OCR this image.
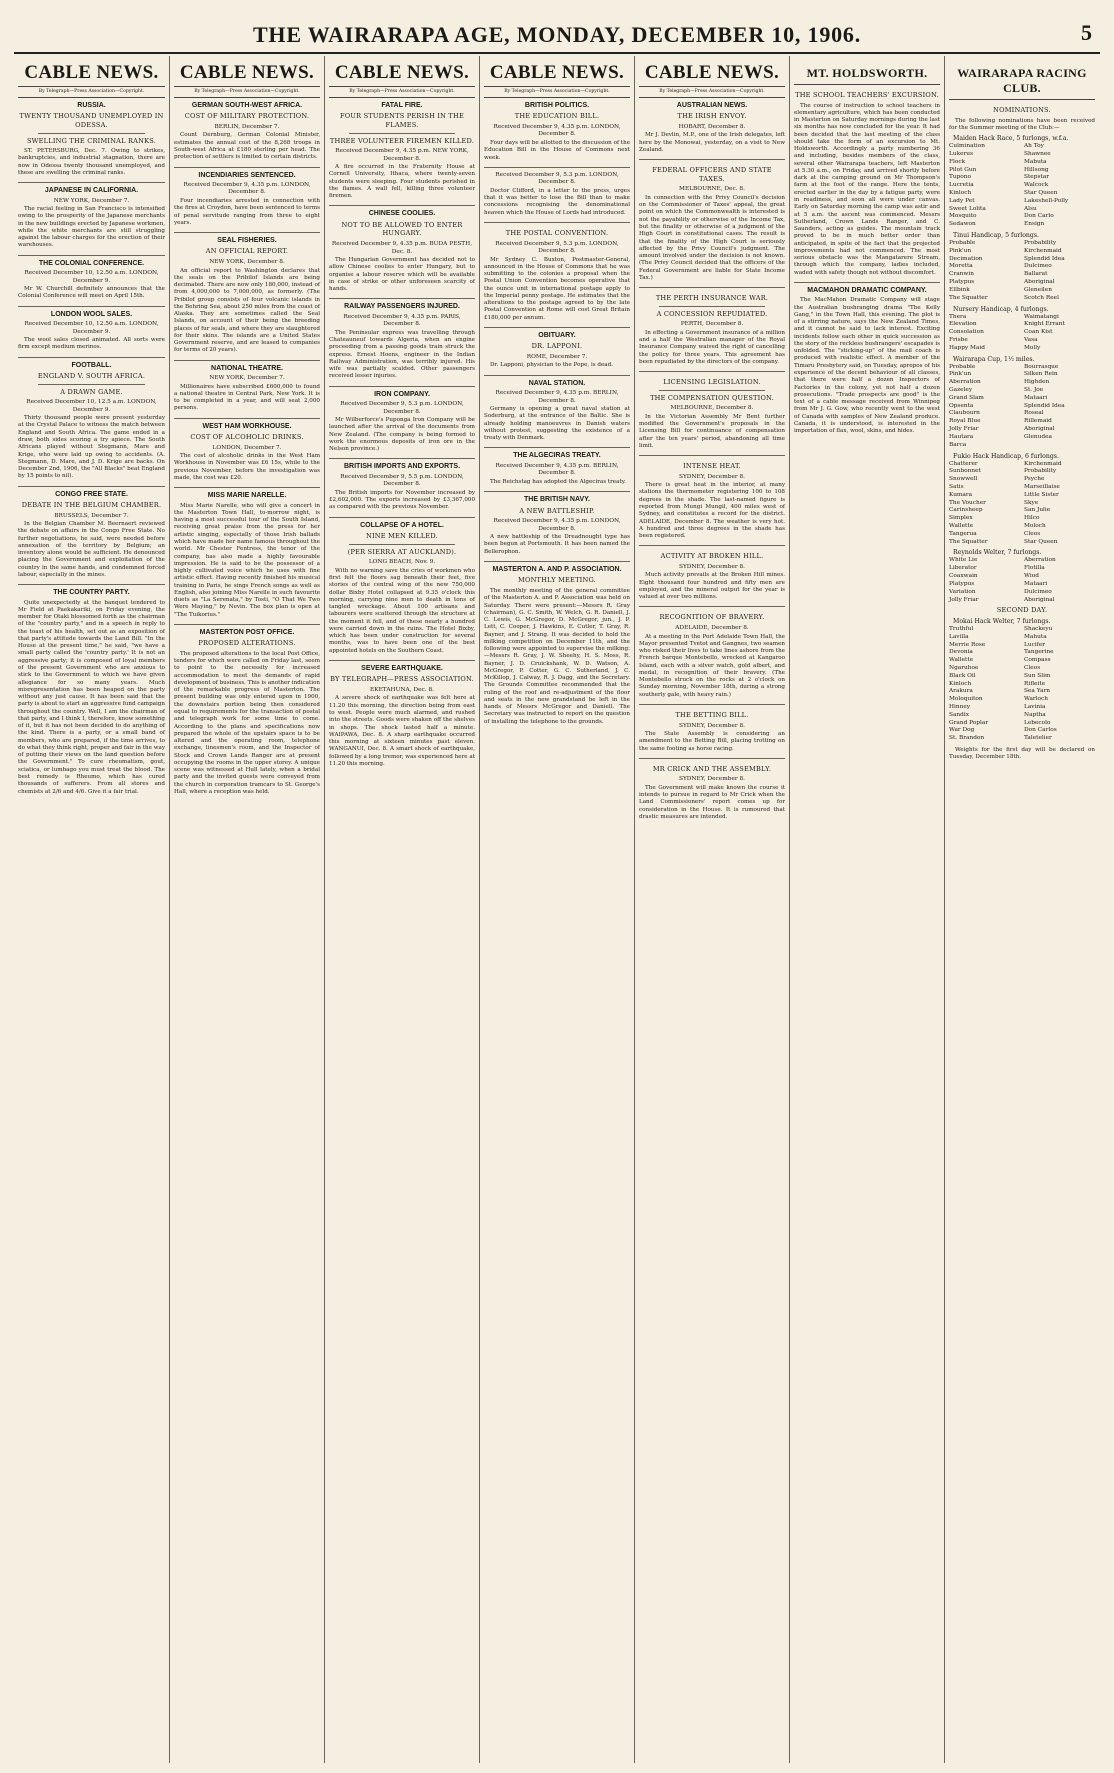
THE WAIRARAPA AGE, MONDAY, DECEMBER 10, 1906.	5
CABLE NEWS.
By Telegraph—Press Association—Copyright.
RUSSIA.
TWENTY THOUSAND UNEMPLOYED IN ODESSA.
SWELLING THE CRIMINAL RANKS.
ST. PETERSBURG, Dec. 7. Owing to strikes, bankruptcies, and industrial stagnation, there are now in Odessa twenty thousand unemployed, and these are swelling the criminal ranks.
JAPANESE IN CALIFORNIA.
NEW YORK, December 7.
The racial feeling in San Francisco is intensified owing to the prosperity of the Japanese merchants in the new buildings erected by Japanese workmen, while the white merchants are still struggling against the labour charges for the erection of their warehouses.
THE COLONIAL CONFERENCE.
Received December 10, 12.50 a.m. LONDON, December 9.
Mr W. Churchill definitely announces that the Colonial Conference will meet on April 15th.
LONDON WOOL SALES.
Received December 10, 12.50 a.m. LONDON, December 9.
The wool sales closed animated. All sorts were firm except medium merinos.
FOOTBALL.
ENGLAND V. SOUTH AFRICA.
A DRAWN GAME.
Received December 10, 12.5 a.m. LONDON, December 9.
Thirty thousand people were present yesterday at the Crystal Palace to witness the match between England and South Africa. The game ended in a draw, both sides scoring a try apiece. The South Africans played without Stegmann, Mare and Krige, who were laid up owing to accidents. (A. Stegmann, D. Mare, and J. D. Krige are backs. On December 2nd, 1906, the "All Blacks" beat England by 15 points to nil).
CONGO FREE STATE.
DEBATE IN THE BELGIUM CHAMBER.
BRUSSELS, December 7.
In the Belgian Chamber M. Beernaert reviewed the debate on affairs in the Congo Free State. No further negotiations, he said, were needed before annexation of the territory by Belgium; an inventory alone would be sufficient. He denounced placing the Government and exploitation of the country in the same hands, and condemned forced labour, especially in the mines.
THE COUNTRY PARTY.
Quite unexpectedly at the banquet tendered to Mr Field at Paekakariki, on Friday evening, the member for Otaki blossomed forth as the chairman of the "country party," and in a speech in reply to the toast of his health, set out as an exposition of that party's attitude towards the Land Bill. "In the House at the present time," he said, "we have a small party called the 'country party.' It is not an aggressive party; it is composed of loyal members of the present Government who are anxious to stick to the Government to which we have given allegiance for so many years. Much misrepresentation has been heaped on the party without any just cause. It has been said that the party is about to start an aggressive fund campaign throughout the country. Well, I am the chairman of that party, and I think I, therefore, know something of it, but it has not been decided to do anything of the kind. There is a party, or a small band of members, who are prepared, if the time arrives, to do what they think right, proper and fair in the way of putting their views on the land question before the Government." To cure rheumatism, gout, sciatica, or lumbago you must treat the blood. The best remedy is Rheumo, which has cured thousands of sufferers. From all stores and chemists at 2/6 and 4/6. Give it a fair trial.
CABLE NEWS.
By Telegraph—Press Association—Copyright.
GERMAN SOUTH-WEST AFRICA.
COST OF MILITARY PROTECTION.
BERLIN, December 7.
Count Dernburg, German Colonial Minister, estimates the annual cost of the 8,268 troops in South-west Africa at £180 sterling per head. The protection of settlers is limited to certain districts.
INCENDIARIES SENTENCED.
Received December 9, 4.35 p.m. LONDON, December 8.
Four incendiaries arrested in connection with the fires at Croydon, have been sentenced to terms of penal servitude ranging from three to eight years.
SEAL FISHERIES.
AN OFFICIAL REPORT.
NEW YORK, December 8.
An official report to Washington declares that the seals on the Pribilof Islands are being decimated. There are now only 180,000, instead of from 4,000,000 to 7,000,000, as formerly. (The Pribilof group consists of four volcanic islands in the Behring Sea, about 250 miles from the coast of Alaska. They are sometimes called the Seal Islands, on account of their being the breeding places of fur seals, and where they are slaughtered for their skins. The islands are a United States Government reserve, and are leased to companies for terms of 20 years).
NATIONAL THEATRE.
NEW YORK, December 7.
Millionaires have subscribed £600,000 to found a national theatre in Central Park, New York. It is to be completed in a year, and will seat 2,000 persons.
WEST HAM WORKHOUSE.
COST OF ALCOHOLIC DRINKS.
LONDON, December 7.
The cost of alcoholic drinks in the West Ham Workhouse in November was £6 15s, while to the previous November, before the investigation was made, the cost was £20.
MISS MARIE NARELLE.
Miss Marie Narelle, who will give a concert in the Masterton Town Hall, to-morrow night, is having a most successful tour of the South Island, receiving great praise from the press for her artistic singing, especially of those Irish ballads which have made her name famous throughout the world. Mr Chester Fentress, the tenor of the company, has also made a highly favourable impression. He is said to be the possessor of a highly cultivated voice which he uses with fine artistic effect. Having recently finished his musical training in Paris, he sings French songs as well as English, also joining Miss Narelle in such favourite duets as "La Serenata," by Tosti, "O That We Two Were Maying," by Nevin. The box plan is open at "The Tuikorius."
MASTERTON POST OFFICE.
PROPOSED ALTERATIONS.
The proposed alterations to the local Post Office, tenders for which were called on Friday last, seem to point to the necessity for increased accommodation to meet the demands of rapid development of business. This is another indication of the remarkable progress of Masterton. The present building was only entered upon in 1900, the downstairs portion being then considered equal to requirements for the transaction of postal and telegraph work for some time to come. According to the plans and specifications now prepared the whole of the upstairs space is to be altered and the operating room, telephone exchange, linesmen's room, and the Inspector of Stock and Crown Lands Ranger are at present occupying the rooms in the upper storey. A unique scene was witnessed at Hull lately, when a bridal party and the invited guests were conveyed from the church in corporation tramcars to St. George's Hall, where a reception was held.
CABLE NEWS.
By Telegraph—Press Association—Copyright.
FATAL FIRE.
FOUR STUDENTS PERISH IN THE FLAMES.
THREE VOLUNTEER FIREMEN KILLED.
Received December 9, 4.35 p.m. NEW YORK, December 8.
A fire occurred in the Fraternity House at Cornell University, Ithaca, where twenty-seven students were sleeping. Four students perished in the flames. A wall fell, killing three volunteer firemen.
CHINESE COOLIES.
NOT TO BE ALLOWED TO ENTER HUNGARY.
Received December 9, 4.35 p.m. BUDA PESTH, Dec. 8.
The Hungarian Government has decided not to allow Chinese coolies to enter Hungary, but to organise a labour reserve which will be available in case of strike or other unforeseen scarcity of hands.
RAILWAY PASSENGERS INJURED.
Received December 9, 4.35 p.m. PARIS, December 8.
The Peninsular express was travelling through Chateauneuf towards Algeria, when an engine proceeding from a passing goods train struck the express. Ernest Hoens, engineer in the Indian Railway Administration, was terribly injured. His wife was partially scalded. Other passengers received lesser injuries.
IRON COMPANY.
Received December 9, 5.3 p.m. LONDON, December 8.
Mr Wilberforce's Puponga Iron Company will be launched after the arrival of the documents from New Zealand. (The company is being formed to work the enormous deposits of iron ore in the Nelson province.)
BRITISH IMPORTS AND EXPORTS.
Received December 9, 5.5 p.m. LONDON, December 8.
The British imports for November increased by £2,602,000. The exports increased by £3,367,000 as compared with the previous November.
COLLAPSE OF A HOTEL.
NINE MEN KILLED.
(PER SIERRA AT AUCKLAND).
LONG BEACH, Nov. 9.
With no warning save the cries of workmen who first felt the floors sag beneath their feet, five stories of the central wing of the new 750,000 dollar Bixby Hotel collapsed at 9.35 o'clock this morning, carrying nine men to death in tons of tangled wreckage. About 100 artisans and labourers were scattered through the structure at the moment it fell, and of these nearly a hundred were carried down in the ruins. The Hotel Bixby, which has been under construction for several months, was to have been one of the best appointed hotels on the Southern Coast.
SEVERE EARTHQUAKE.
BY TELEGRAPH—PRESS ASSOCIATION.
EKETAHUNA, Dec. 8.
A severe shock of earthquake was felt here at 11.20 this morning, the direction being from east to west. People were much alarmed, and rushed into the streets. Goods were shaken off the shelves in shops. The shock lasted half a minute. WAIPAWA, Dec. 8. A sharp earthquake occurred this morning at sixteen minutes past eleven. WANGANUI, Dec. 8. A smart shock of earthquake, followed by a long tremor, was experienced here at 11.20 this morning.
CABLE NEWS.
By Telegraph—Press Association—Copyright.
BRITISH POLITICS.
THE EDUCATION BILL.
Received December 9, 4.35 p.m. LONDON, December 8.
Four days will be allotted to the discussion of the Education Bill in the House of Commons next week.
Received December 9, 5.3 p.m. LONDON, December 8.
Doctor Clifford, in a letter to the press, urges that it was better to lose the Bill than to make concessions recognising the denominational heaven which the House of Lords had introduced.
THE POSTAL CONVENTION.
Received December 9, 5.3 p.m. LONDON, December 8.
Mr Sydney C. Buxton, Postmaster-General, announced in the House of Commons that he was submitting to the colonies a proposal when the Postal Union Convention becomes operative that the ounce unit in international postage apply to the Imperial penny postage. He estimates that the alterations to the postage agreed to by the late Postal Convention at Rome will cost Great Britain £180,000 per annum.
OBITUARY.
DR. LAPPONI.
ROME, December 7.
Dr. Lapponi, physician to the Pope, is dead.
NAVAL STATION.
Received December 9, 4.35 p.m. BERLIN, December 8.
Germany is opening a great naval station at Soderburg, at the entrance of the Baltic. She is already holding manoeuvres in Danish waters without protest, suggesting the existence of a treaty with Denmark.
THE ALGECIRAS TREATY.
Received December 9, 4.35 p.m. BERLIN, December 8.
The Reichstag has adopted the Algeciras treaty.
THE BRITISH NAVY.
A NEW BATTLESHIP.
Received December 9, 4.35 p.m. LONDON, December 8.
A new battleship of the Dreadnought type has been begun at Portsmouth. It has been named the Bellerophon.
MASTERTON A. AND P. ASSOCIATION.
MONTHLY MEETING.
The monthly meeting of the general committee of the Masterton A. and P. Association was held on Saturday. There were present:—Messrs R. Gray (chairman), G. C. Smith, W. Welch, G. R. Daniell, J. C. Lewis, G. McGregor, D. McGregor, jun., J. P. Lett, C. Cooper, J. Hawkins, E. Cutler, T. Gray, R. Bayner, and J. Strang. It was decided to hold the milking competition on December 11th, and the following were appointed to supervise the milking:—Messrs R. Gray, J. W. Sheehy, H. S. Moss, R. Bayner, J. D. Cruickshank, W. D. Watson, A. McGregor, P. Cotter, G. C. Sutherland, J. C. McKillop, J. Calway, R. J. Dagg, and the Secretary. The Grounds Committee recommended that the ruling of the roof and re-adjustment of the floor and seats in the new grandstand be left in the hands of Messrs McGregor and Daniell. The Secretary was instructed to report on the question of installing the telephone to the grounds.
CABLE NEWS.
By Telegraph—Press Association—Copyright.
AUSTRALIAN NEWS.
THE IRISH ENVOY.
HOBART, December 8.
Mr J. Devlin, M.P., one of the Irish delegates, left here by the Monowai, yesterday, on a visit to New Zealand.
FEDERAL OFFICERS AND STATE TAXES.
MELBOURNE, Dec. 8.
In connection with the Privy Council's decision on the Commissioner of Taxes' appeal, the great point on which the Commonwealth is interested is not the payability or otherwise of the Income Tax, but the finality or otherwise of a judgment of the High Court in constitutional cases. The result is that the finality of the High Court is seriously affected by the Privy Council's judgment. The amount involved under the decision is not known. (The Privy Council decided that the officers of the Federal Government are liable for State Income Tax.)
THE PERTH INSURANCE WAR.
A CONCESSION REPUDIATED.
PERTH, December 8.
In effecting a Government insurance of a million and a half the Westralian manager of the Royal Insurance Company waived the right of cancelling the policy for three years. This agreement has been repudiated by the directors of the company.
LICENSING LEGISLATION.
THE COMPENSATION QUESTION.
MELBOURNE, December 8.
In the Victorian Assembly Mr Bent further modified the Government's proposals in the Licensing Bill for continuance of compensation after the ten years' period, abandoning all time limit.
INTENSE HEAT.
SYDNEY, December 8.
There is great heat in the interior, at many stations the thermometer registering 100 to 108 degrees in the shade. The last-named figure is reported from Mungi Mungil, 400 miles west of Sydney, and constitutes a record for the district. ADELAIDE, December 8. The weather is very hot. A hundred and three degrees in the shade has been registered.
ACTIVITY AT BROKEN HILL.
SYDNEY, December 8.
Much activity prevails at the Broken Hill mines. Eight thousand four hundred and fifty men are employed, and the mineral output for the year is valued at over two millions.
RECOGNITION OF BRAVERY.
ADELAIDE, December 8.
At a meeting in the Port Adelaide Town Hall, the Mayor presented Tvetot and Gangnes, two seamen who risked their lives to take lines ashore from the French barque Montebello, wrecked at Kangaroo Island, each with a silver watch, gold albert, and medal, in recognition of their bravery. (The Montebello struck on the rocks at 2 o'clock on Sunday morning, November 18th, during a strong southerly gale, with heavy rain.)
THE BETTING BILL.
SYDNEY, December 8.
The State Assembly is considering an amendment to the Betting Bill, placing trotting on the same footing as horse racing.
MR CRICK AND THE ASSEMBLY.
SYDNEY, December 8.
The Government will make known the course it intends to pursue in regard to Mr Crick when the Land Commissioners' report comes up for consideration in the House. It is rumoured that drastic measures are intended.
MT. HOLDSWORTH.
THE SCHOOL TEACHERS' EXCURSION.
The course of instruction to school teachers in elementary agriculture, which has been conducted in Masterton on Saturday mornings during the last six months has now concluded for the year. It had been decided that the last meeting of the class should take the form of an excursion to Mt. Holdsworth. Accordingly a party numbering 36 and including, besides members of the class, several other Wairarapa teachers, left Masterton at 5.30 a.m., on Friday, and arrived shortly before dark at the camping ground on Mr Thompson's farm at the foot of the range. Here the tents, erected earlier in the day by a fatigue party, were in readiness, and soon all were under canvas. Early on Saturday morning the camp was astir and at 5 a.m. the ascent was commenced. Messrs Sutherland, Crown Lands Ranger, and C. Saunders, acting as guides. The mountain track proved to be in much better order than anticipated, in spite of the fact that the projected improvements had not commenced. The most serious obstacle was the Mangatarere Stream, through which the company, ladies included, waded with safety though not without discomfort.
MACMAHON DRAMATIC COMPANY.
The MacMahon Dramatic Company will stage the Australian bushranging drama "The Kelly Gang," in the Town Hall, this evening. The plot is of a stirring nature, says the New Zealand Times, and it cannot be said to lack interest. Exciting incidents follow each other in quick succession as the story of the reckless bushrangers' escapades is unfolded. The "sticking-up" of the mail coach is produced with realistic effect. A member of the Timaru Presbytery said, on Tuesday, apropos of his experience of the decent behaviour of all classes, that there were half a dozen Inspectors of Factories in the colony, yet not half a dozen prosecutions. "Trade prospects are good" is the text of a cable message received from Winnipeg from Mr J. G. Gow, who recently went to the west of Canada with samples of New Zealand produce. Canada, it is understood, is interested in the importation of flax, wool, skins, and hides.
WAIRARAPA RACING CLUB.
NOMINATIONS.
The following nominations have been received for the Summer meeting of the Club:—
Maiden Hack Race, 5 furlongs, w.f.a.
Culmination	Ah Toy
Lukerus	Shawnee
Flock	Mabuta
Pilot Gun	Hillsong
Tupono	Stepstar
Lucretia	Walcock
Kinloch	Star Queen
Lady Pet	Lakeshell-Polly
Sweet Lolita	Alsu
Mosquito	Don Carlo
Sedawon	Ensign
Tinui Handicap, 5 furlongs.
Probable	Probability
Pink'un	Kirchenmaid
Decimation	Splendid Idea
Moretta	Dulcimeo
Cranwin	Ballarat
Platypus	Aboriginal
Ellbink	Gleneilen
The Squatter	Scotch Reel
Nursery Handicap, 4 furlongs.
Thera	Waimatangi
Elevation	Knight Errant
Consolation	Coan Kist
Frisbe	Vasa
Happy Maid	Molly
Wairarapa Cup, 1½ miles.
Probable	Bourrasque
Pink'un	Silken Rein
Aberration	Highden
Gazeley	St. Joe
Grand Slam	Mataari
Opsenta	Splendid Idea
Claubourn	Roseal
Royal Blue	Rillemaid
Jolly Friar	Aboriginal
Hautara	Glenudea
Barca
Fukio Hack Handicap, 6 furlongs.
Chatterer	Kirchenmaid
Sunbonnet	Probability
Snowwell	Psyche
Satis	Marseillaise
Kumara	Little Sister
The Voucher	Skye
Carinsheep	San Julie
Simplex	Hilco
Wallette	Moloch
Tangerua	Cleos
The Squatter	Star Queen
Reynolds Welter, 7 furlongs.
White Lie	Aberration
Liberator	Flotilla
Coaxwain	Wiod
Platypus	Mataari
Variation	Dulcimeo
Jolly Friar	Aboriginal
SECOND DAY.
Mokai Hack Welter, 7 furlongs.
Truthful	Shackeyu
Lavilla	Mahuta
Merrie Rose	Lucifer
Devonia	Tangerine
Wallette	Compass
Ngaruhoe	Cleos
Black Oil	Sun Slim
Kinloch	Rifleite
Arakura	Sea Yarn
Moloquiton	Warloch
Hinney	Lavinia
Sandix	Naptha
Grand Poplar	Lebecolo
War Dog	Don Carlos
St. Brandon	Taletelier
Weights for the first day will be declared on Tuesday, December 18th.
